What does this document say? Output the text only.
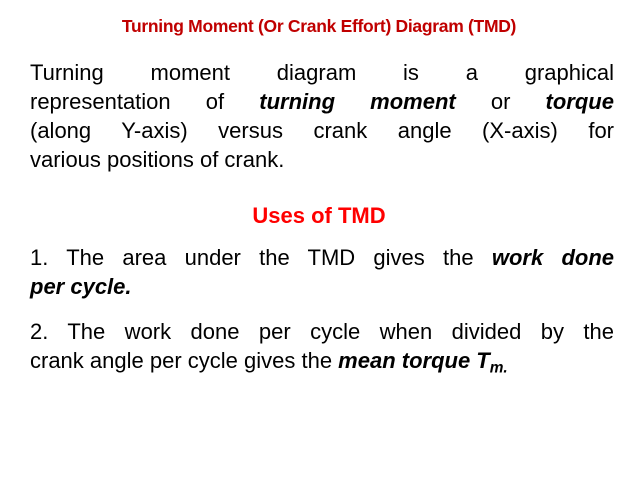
Turning Moment (Or Crank Effort) Diagram (TMD)
Turning moment diagram is a graphical
representation of turning moment or torque
(along Y-axis) versus crank angle (X-axis) for
various positions of crank.
Uses of TMD
1. The area under the TMD gives the work done
per cycle.
2. The work done per cycle when divided by the
crank angle per cycle gives the mean torque $T_{m.}$
